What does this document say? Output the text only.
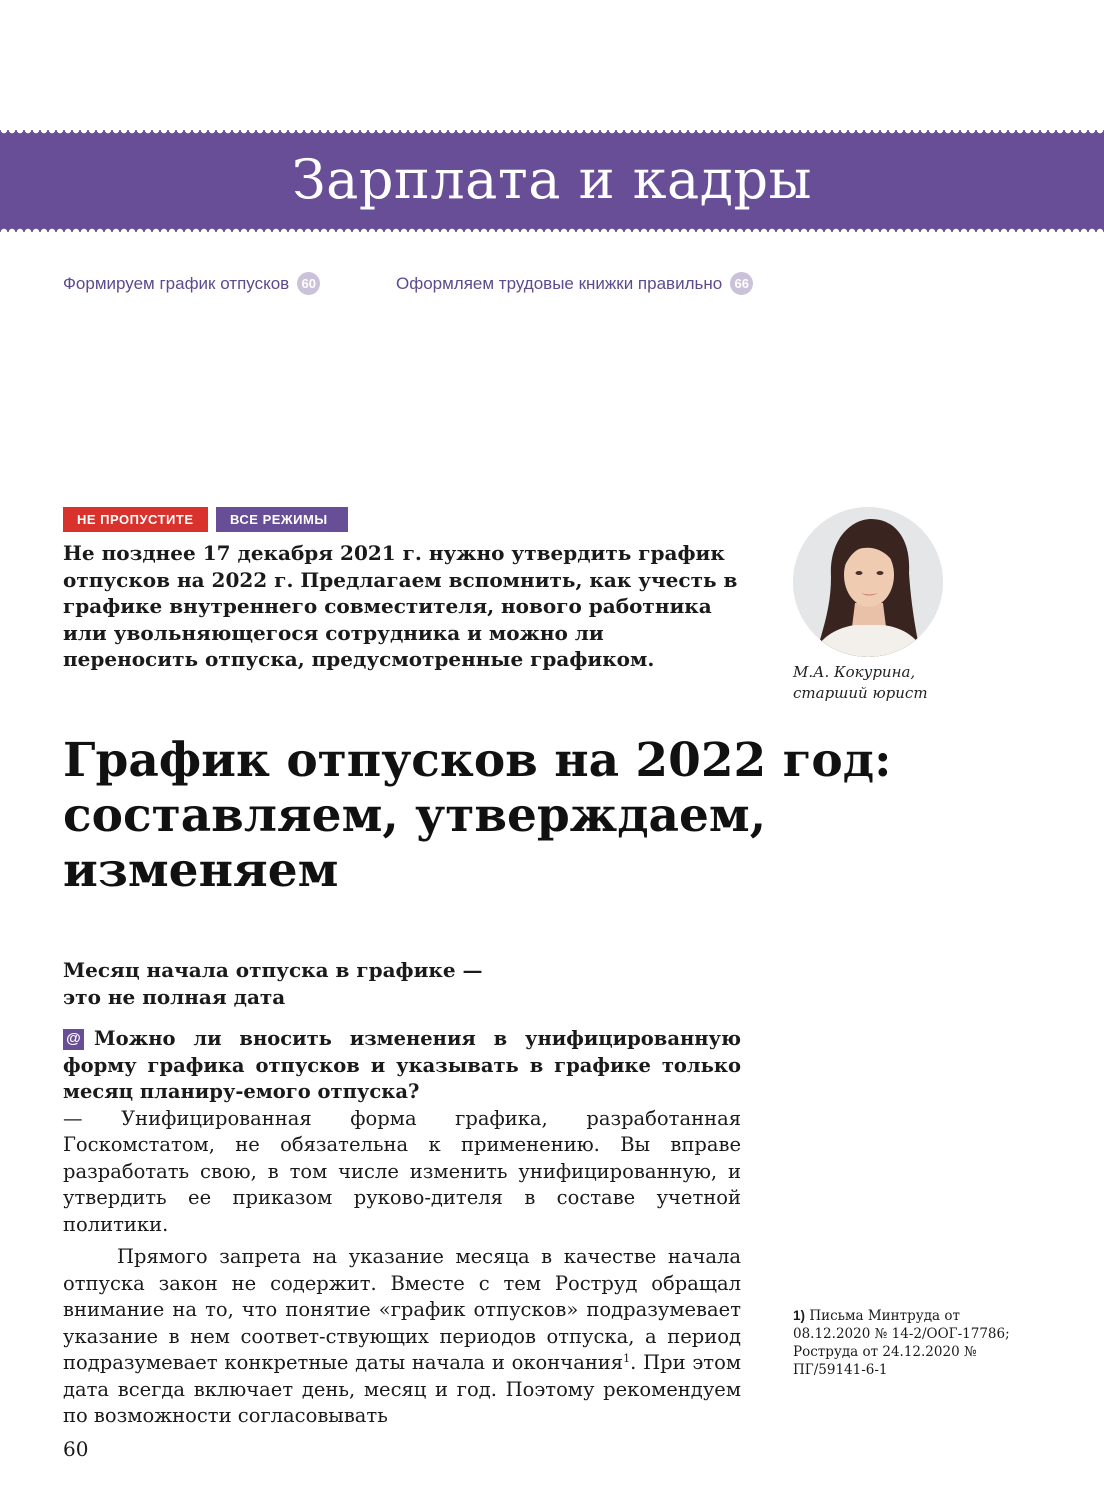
Зарплата и кадры
Формируем график отпусков 60	Оформляем трудовые книжки правильно 66
НЕ ПРОПУСТИТЕ	ВСЕ РЕЖИМЫ
Не позднее 17 декабря 2021 г. нужно утвердить график отпусков на 2022 г. Предлагаем вспомнить, как учесть в графике внутреннего совместителя, нового работника или увольняющегося сотрудника и можно ли переносить отпуска, предусмотренные графиком.
М.А. Кокурина,
старший юрист
График отпусков на 2022 год: составляем, утверждаем, изменяем
Месяц начала отпуска в графике —
это не полная дата

@ Можно ли вносить изменения в унифицированную форму графика отпусков и указывать в графике только месяц планиру-емого отпуска?

— Унифицированная форма графика, разработанная Госкомстатом, не обязательна к применению. Вы вправе разработать свою, в том числе изменить унифицированную, и утвердить ее приказом руково-дителя в составе учетной политики.

Прямого запрета на указание месяца в качестве начала отпуска закон не содержит. Вместе с тем Роструд обращал внимание на то, что понятие «график отпусков» подразумевает указание в нем соответ-ствующих периодов отпуска, а период подразумевает конкретные даты начала и окончания$^1$. При этом дата всегда включает день, месяц и год. Поэтому рекомендуем по возможности согласовывать

1) Письма Минтруда от 08.12.2020 № 14-2/ООГ-17786; Роструда от 24.12.2020 № ПГ/59141-6-1
60
